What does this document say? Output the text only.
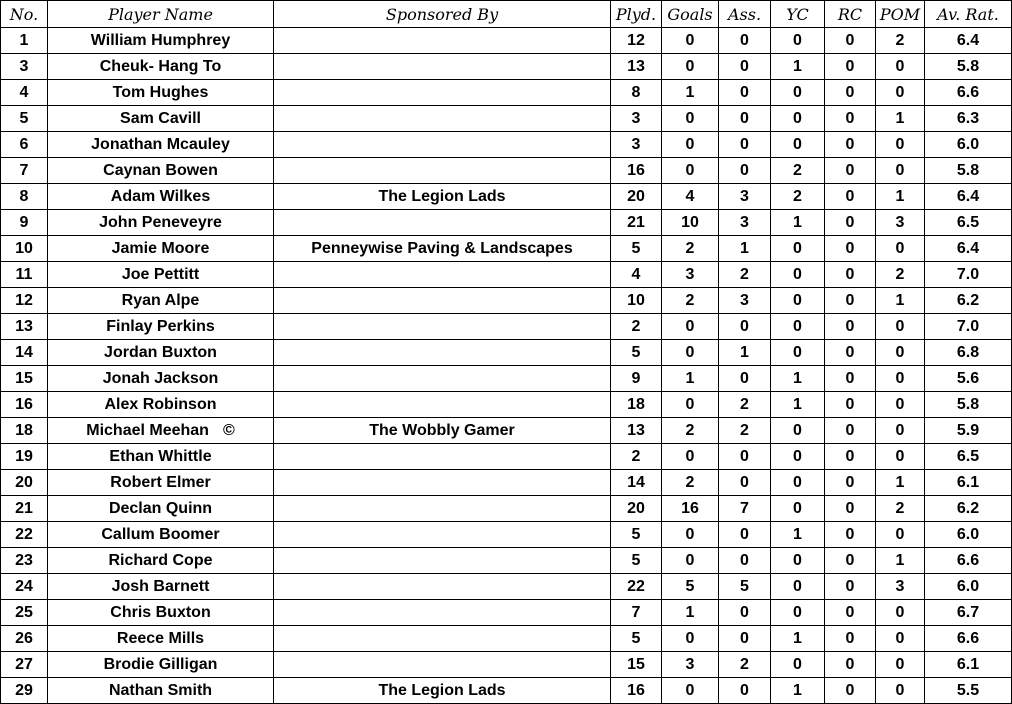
No.	Player Name	Sponsored By	Plyd.	Goals	Ass.	YC	RC	POM	Av. Rat.
1	William Humphrey		12	0	0	0	0	2	6.4
3	Cheuk- Hang To		13	0	0	1	0	0	5.8
4	Tom Hughes		8	1	0	0	0	0	6.6
5	Sam Cavill		3	0	0	0	0	1	6.3
6	Jonathan Mcauley		3	0	0	0	0	0	6.0
7	Caynan Bowen		16	0	0	2	0	0	5.8
8	Adam Wilkes	The Legion Lads	20	4	3	2	0	1	6.4
9	John Peneveyre		21	10	3	1	0	3	6.5
10	Jamie Moore	Penneywise Paving & Landscapes	5	2	1	0	0	0	6.4
11	Joe Pettitt		4	3	2	0	0	2	7.0
12	Ryan Alpe		10	2	3	0	0	1	6.2
13	Finlay Perkins		2	0	0	0	0	0	7.0
14	Jordan Buxton		5	0	1	0	0	0	6.8
15	Jonah Jackson		9	1	0	1	0	0	5.6
16	Alex Robinson		18	0	2	1	0	0	5.8
18	Michael Meehan ©	The Wobbly Gamer	13	2	2	0	0	0	5.9
19	Ethan Whittle		2	0	0	0	0	0	6.5
20	Robert Elmer		14	2	0	0	0	1	6.1
21	Declan Quinn		20	16	7	0	0	2	6.2
22	Callum Boomer		5	0	0	1	0	0	6.0
23	Richard Cope		5	0	0	0	0	1	6.6
24	Josh Barnett		22	5	5	0	0	3	6.0
25	Chris Buxton		7	1	0	0	0	0	6.7
26	Reece Mills		5	0	0	1	0	0	6.6
27	Brodie Gilligan		15	3	2	0	0	0	6.1
29	Nathan Smith	The Legion Lads	16	0	0	1	0	0	5.5
